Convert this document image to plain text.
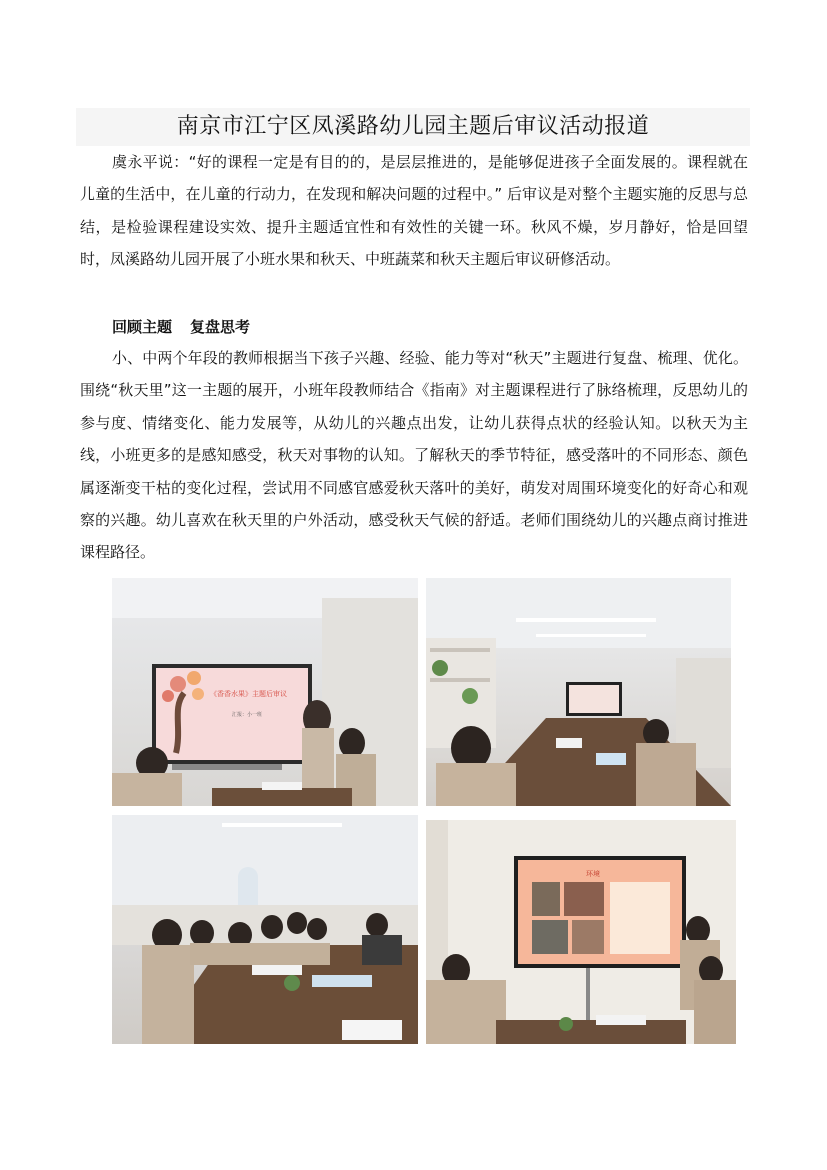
南京市江宁区凤溪路幼儿园主题后审议活动报道

虞永平说：“好的课程一定是有目的的，是层层推进的，是能够促进孩子全面发展的。课程就在儿童的生活中，在儿童的行动力，在发现和解决问题的过程中。” 后审议是对整个主题实施的反思与总结，是检验课程建设实效、提升主题适宜性和有效性的关键一环。秋风不燥，岁月静好，恰是回望时，凤溪路幼儿园开展了小班水果和秋天、中班蔬菜和秋天主题后审议研修活动。

回顾主题 复盘思考

小、中两个年段的教师根据当下孩子兴趣、经验、能力等对“秋天”主题进行复盘、梳理、优化。围绕“秋天里”这一主题的展开，小班年段教师结合《指南》对主题课程进行了脉络梳理，反思幼儿的参与度、情绪变化、能力发展等，从幼儿的兴趣点出发，让幼儿获得点状的经验认知。以秋天为主线，小班更多的是感知感受，秋天对事物的认知。了解秋天的季节特征，感受落叶的不同形态、颜色属逐渐变干枯的变化过程，尝试用不同感官感爱秋天落叶的美好，萌发对周围环境变化的好奇心和观察的兴趣。幼儿喜欢在秋天里的户外活动，感受秋天气候的舒适。老师们围绕幼儿的兴趣点商讨推进课程路径。

《香香水果》主题后审议
汇报：小一班
环境
